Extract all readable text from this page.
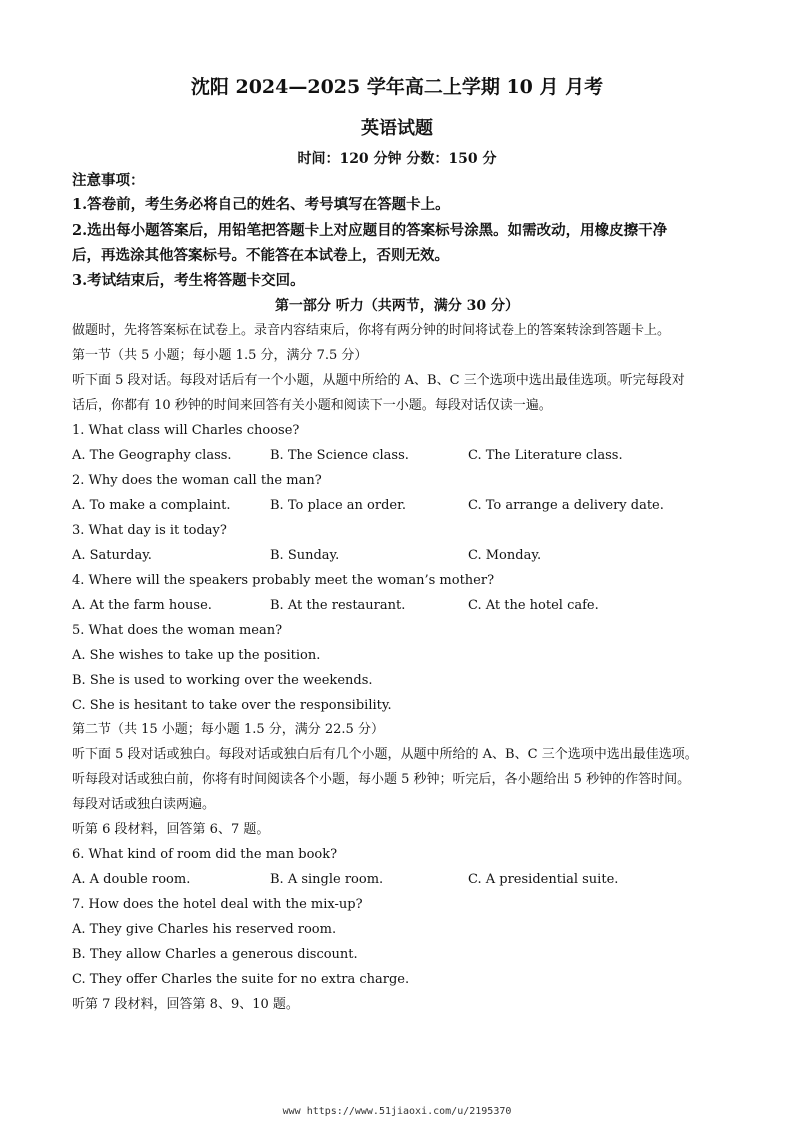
沈阳 2024—2025 学年高二上学期 10 月 月考
英语试题
时间：120 分钟 分数：150 分
注意事项：
1.答卷前，考生务必将自己的姓名、考号填写在答题卡上。
2.选出每小题答案后，用铅笔把答题卡上对应题目的答案标号涂黑。如需改动，用橡皮擦干净
后，再选涂其他答案标号。不能答在本试卷上，否则无效。
3.考试结束后，考生将答题卡交回。
第一部分 听力（共两节，满分 30 分）
做题时，先将答案标在试卷上。录音内容结束后，你将有两分钟的时间将试卷上的答案转涂到答题卡上。
第一节（共 5 小题；每小题 1.5 分，满分 7.5 分）
听下面 5 段对话。每段对话后有一个小题，从题中所给的 A、B、C 三个选项中选出最佳选项。听完每段对
话后，你都有 10 秒钟的时间来回答有关小题和阅读下一小题。每段对话仅读一遍。
1. What class will Charles choose?
A. The Geography class.	B. The Science class.	C. The Literature class.
2. Why does the woman call the man?
A. To make a complaint.	B. To place an order.	C. To arrange a delivery date.
3. What day is it today?
A. Saturday.	B. Sunday.	C. Monday.
4. Where will the speakers probably meet the woman’s mother?
A. At the farm house.	B. At the restaurant.	C. At the hotel cafe.
5. What does the woman mean?
A. She wishes to take up the position.
B. She is used to working over the weekends.
C. She is hesitant to take over the responsibility.
第二节（共 15 小题；每小题 1.5 分，满分 22.5 分）
听下面 5 段对话或独白。每段对话或独白后有几个小题，从题中所给的 A、B、C 三个选项中选出最佳选项。
听每段对话或独白前，你将有时间阅读各个小题，每小题 5 秒钟；听完后，各小题给出 5 秒钟的作答时间。
每段对话或独白读两遍。
听第 6 段材料，回答第 6、7 题。
6. What kind of room did the man book?
A. A double room.	B. A single room.	C. A presidential suite.
7. How does the hotel deal with the mix-up?
A. They give Charles his reserved room.
B. They allow Charles a generous discount.
C. They offer Charles the suite for no extra charge.
听第 7 段材料，回答第 8、9、10 题。
www https://www.51jiaoxi.com/u/2195370
